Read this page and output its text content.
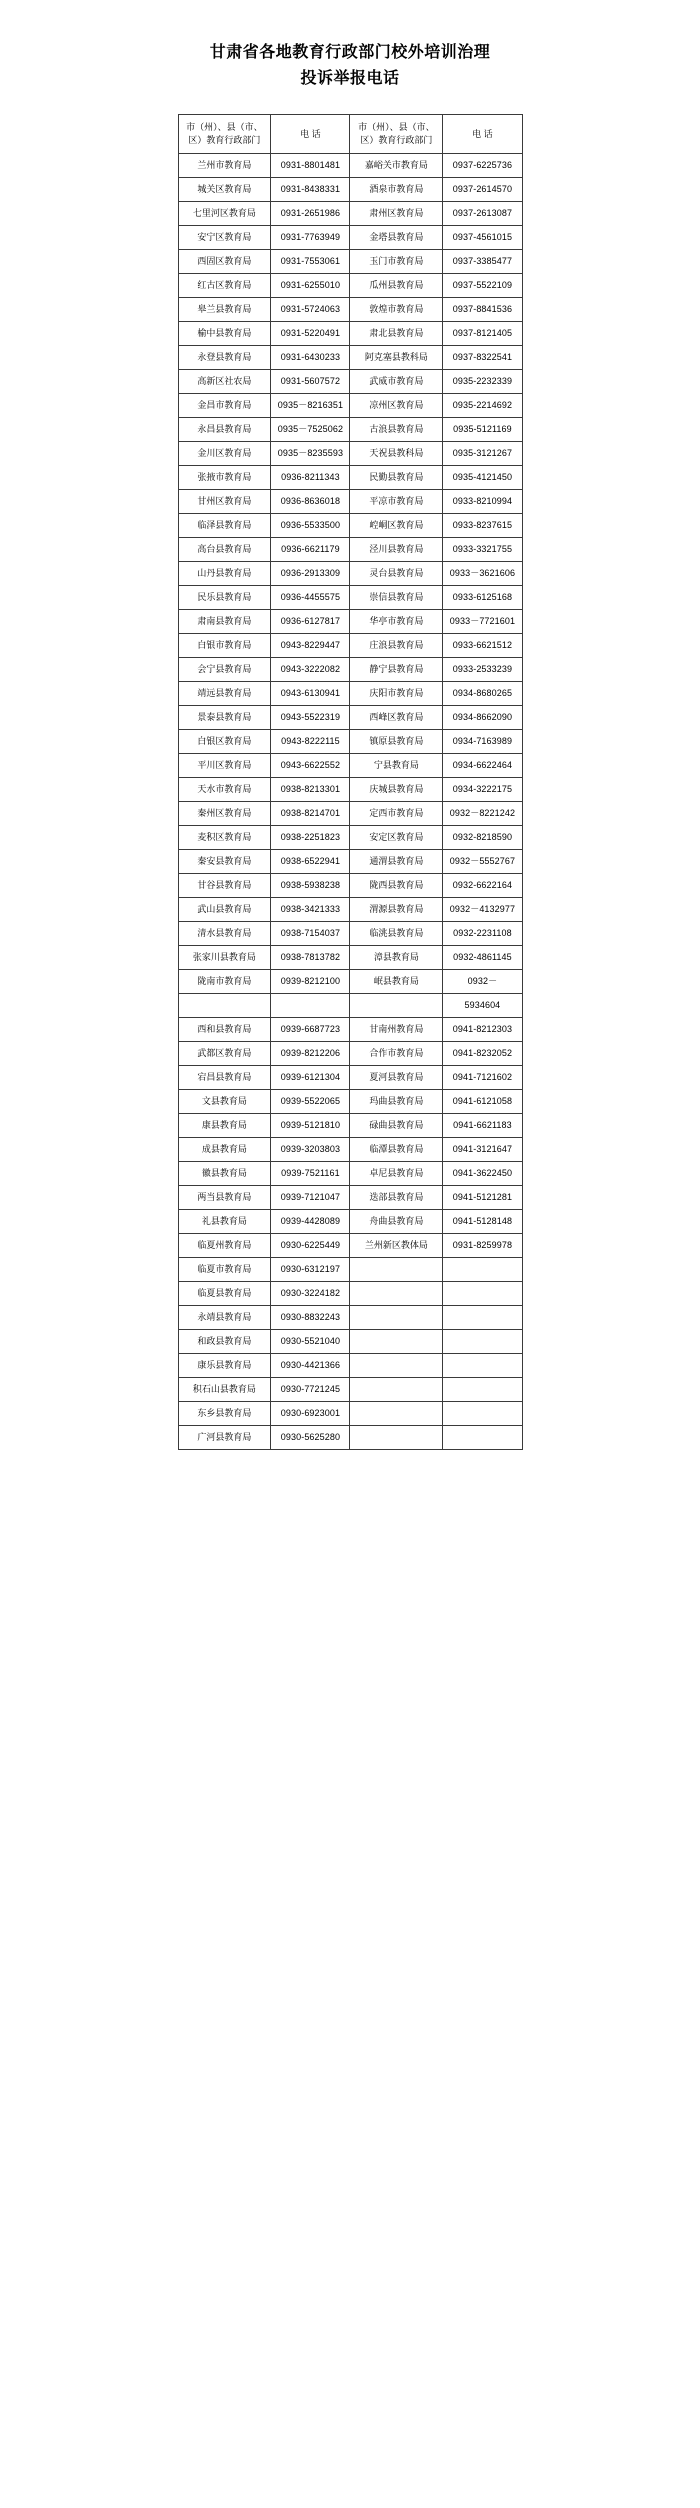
甘肃省各地教育行政部门校外培训治理
投诉举报电话
市（州）、县（市、区）教育行政部门	电 话	市（州）、县（市、区）教育行政部门	电 话
兰州市教育局	0931-8801481	嘉峪关市教育局	0937-6225736
城关区教育局	0931-8438331	酒泉市教育局	0937-2614570
七里河区教育局	0931-2651986	肃州区教育局	0937-2613087
安宁区教育局	0931-7763949	金塔县教育局	0937-4561015
西固区教育局	0931-7553061	玉门市教育局	0937-3385477
红古区教育局	0931-6255010	瓜州县教育局	0937-5522109
皋兰县教育局	0931-5724063	敦煌市教育局	0937-8841536
榆中县教育局	0931-5220491	肃北县教育局	0937-8121405
永登县教育局	0931-6430233	阿克塞县教科局	0937-8322541
高新区社农局	0931-5607572	武威市教育局	0935-2232339
金昌市教育局	0935－8216351	凉州区教育局	0935-2214692
永昌县教育局	0935－7525062	古浪县教育局	0935-5121169
金川区教育局	0935－8235593	天祝县教科局	0935-3121267
张掖市教育局	0936-8211343	民勤县教育局	0935-4121450
甘州区教育局	0936-8636018	平凉市教育局	0933-8210994
临泽县教育局	0936-5533500	崆峒区教育局	0933-8237615
高台县教育局	0936-6621179	泾川县教育局	0933-3321755
山丹县教育局	0936-2913309	灵台县教育局	0933－3621606
民乐县教育局	0936-4455575	崇信县教育局	0933-6125168
肃南县教育局	0936-6127817	华亭市教育局	0933－7721601
白银市教育局	0943-8229447	庄浪县教育局	0933-6621512
会宁县教育局	0943-3222082	静宁县教育局	0933-2533239
靖远县教育局	0943-6130941	庆阳市教育局	0934-8680265
景泰县教育局	0943-5522319	西峰区教育局	0934-8662090
白银区教育局	0943-8222115	镇原县教育局	0934-7163989
平川区教育局	0943-6622552	宁县教育局	0934-6622464
天水市教育局	0938-8213301	庆城县教育局	0934-3222175
秦州区教育局	0938-8214701	定西市教育局	0932－8221242
麦积区教育局	0938-2251823	安定区教育局	0932-8218590
秦安县教育局	0938-6522941	通渭县教育局	0932－5552767
甘谷县教育局	0938-5938238	陇西县教育局	0932-6622164
武山县教育局	0938-3421333	渭源县教育局	0932－4132977
清水县教育局	0938-7154037	临洮县教育局	0932-2231108
张家川县教育局	0938-7813782	漳县教育局	0932-4861145
陇南市教育局	0939-8212100	岷县教育局	0932－
			5934604
西和县教育局	0939-6687723	甘南州教育局	0941-8212303
武都区教育局	0939-8212206	合作市教育局	0941-8232052
宕昌县教育局	0939-6121304	夏河县教育局	0941-7121602
文县教育局	0939-5522065	玛曲县教育局	0941-6121058
康县教育局	0939-5121810	碌曲县教育局	0941-6621183
成县教育局	0939-3203803	临潭县教育局	0941-3121647
徽县教育局	0939-7521161	卓尼县教育局	0941-3622450
两当县教育局	0939-7121047	迭部县教育局	0941-5121281
礼县教育局	0939-4428089	舟曲县教育局	0941-5128148
临夏州教育局	0930-6225449	兰州新区教体局	0931-8259978
临夏市教育局	0930-6312197		
临夏县教育局	0930-3224182		
永靖县教育局	0930-8832243		
和政县教育局	0930-5521040		
康乐县教育局	0930-4421366		
积石山县教育局	0930-7721245		
东乡县教育局	0930-6923001		
广河县教育局	0930-5625280		
